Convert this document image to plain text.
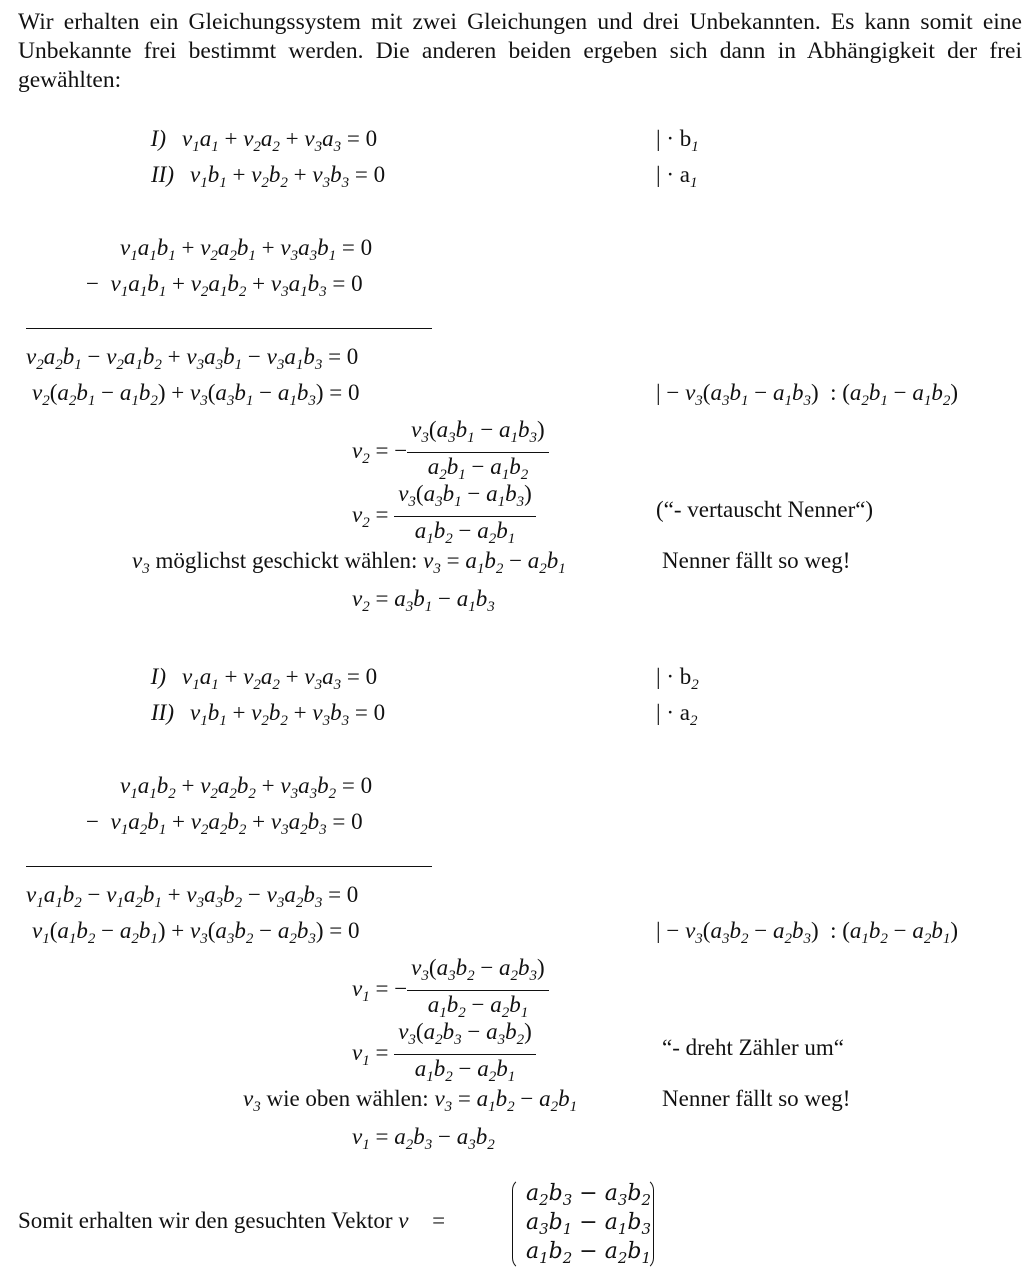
Wir erhalten ein Gleichungssystem mit zwei Gleichungen und drei Unbekannten. Es kann somit eine Unbekannte frei bestimmt werden. Die anderen beiden ergeben sich dann in Abhängigkeit der frei gewählten:
I) $v_1a_1 + v_2a_2 + v_3a_3 = 0$	| · $b_1$
II) $v_1b_1 + v_2b_2 + v_3b_3 = 0$	| · $a_1$
$v_1a_1b_1 + v_2a_2b_1 + v_3a_3b_1 = 0$
−  $v_1a_1b_1 + v_2a_1b_2 + v_3a_1b_3 = 0$
$v_2a_2b_1 - v_2a_1b_2 + v_3a_3b_1 - v_3a_1b_3 = 0$
$v_2(a_2b_1 - a_1b_2) + v_3(a_3b_1 - a_1b_3) = 0$	| − $v_3(a_3b_1 - a_1b_3)$  : $(a_2b_1 - a_1b_2)$
$v_2$ = − $\frac{v_3(a_3b_1 - a_1b_3)}{a_2b_1 - a_1b_2}$
$v_2 = \frac{v_3(a_3b_1 - a_1b_3)}{a_1b_2 - a_2b_1}$	(“- vertauscht Nenner“)
$v_3$ möglichst geschickt wählen: $v_3 = a_1b_2 - a_2b_1$	Nenner fällt so weg!
$v_2 = a_3b_1 - a_1b_3$
I) $v_1a_1 + v_2a_2 + v_3a_3 = 0$	| · $b_2$
II) $v_1b_1 + v_2b_2 + v_3b_3 = 0$	| · $a_2$
$v_1a_1b_2 + v_2a_2b_2 + v_3a_3b_2 = 0$
−  $v_1a_2b_1 + v_2a_2b_2 + v_3a_2b_3 = 0$
$v_1a_1b_2 - v_1a_2b_1 + v_3a_3b_2 - v_3a_2b_3 = 0$
$v_1(a_1b_2 - a_2b_1) + v_3(a_3b_2 - a_2b_3) = 0$	| − $v_3(a_3b_2 - a_2b_3)$  : $(a_1b_2 - a_2b_1)$
$v_1$ = − $\frac{v_3(a_3b_2 - a_2b_3)}{a_1b_2 - a_2b_1}$
$v_1 = \frac{v_3(a_2b_3 - a_3b_2)}{a_1b_2 - a_2b_1}$	“- dreht Zähler um“
$v_3$ wie oben wählen: $v_3 = a_1b_2 - a_2b_1$	Nenner fällt so weg!
$v_1 = a_2b_3 - a_3b_2$
Somit erhalten wir den gesuchten Vektor v⃗ =
$a_2b_3 - a_3b_2$
$a_3b_1 - a_1b_3$
$a_1b_2 - a_2b_1$
